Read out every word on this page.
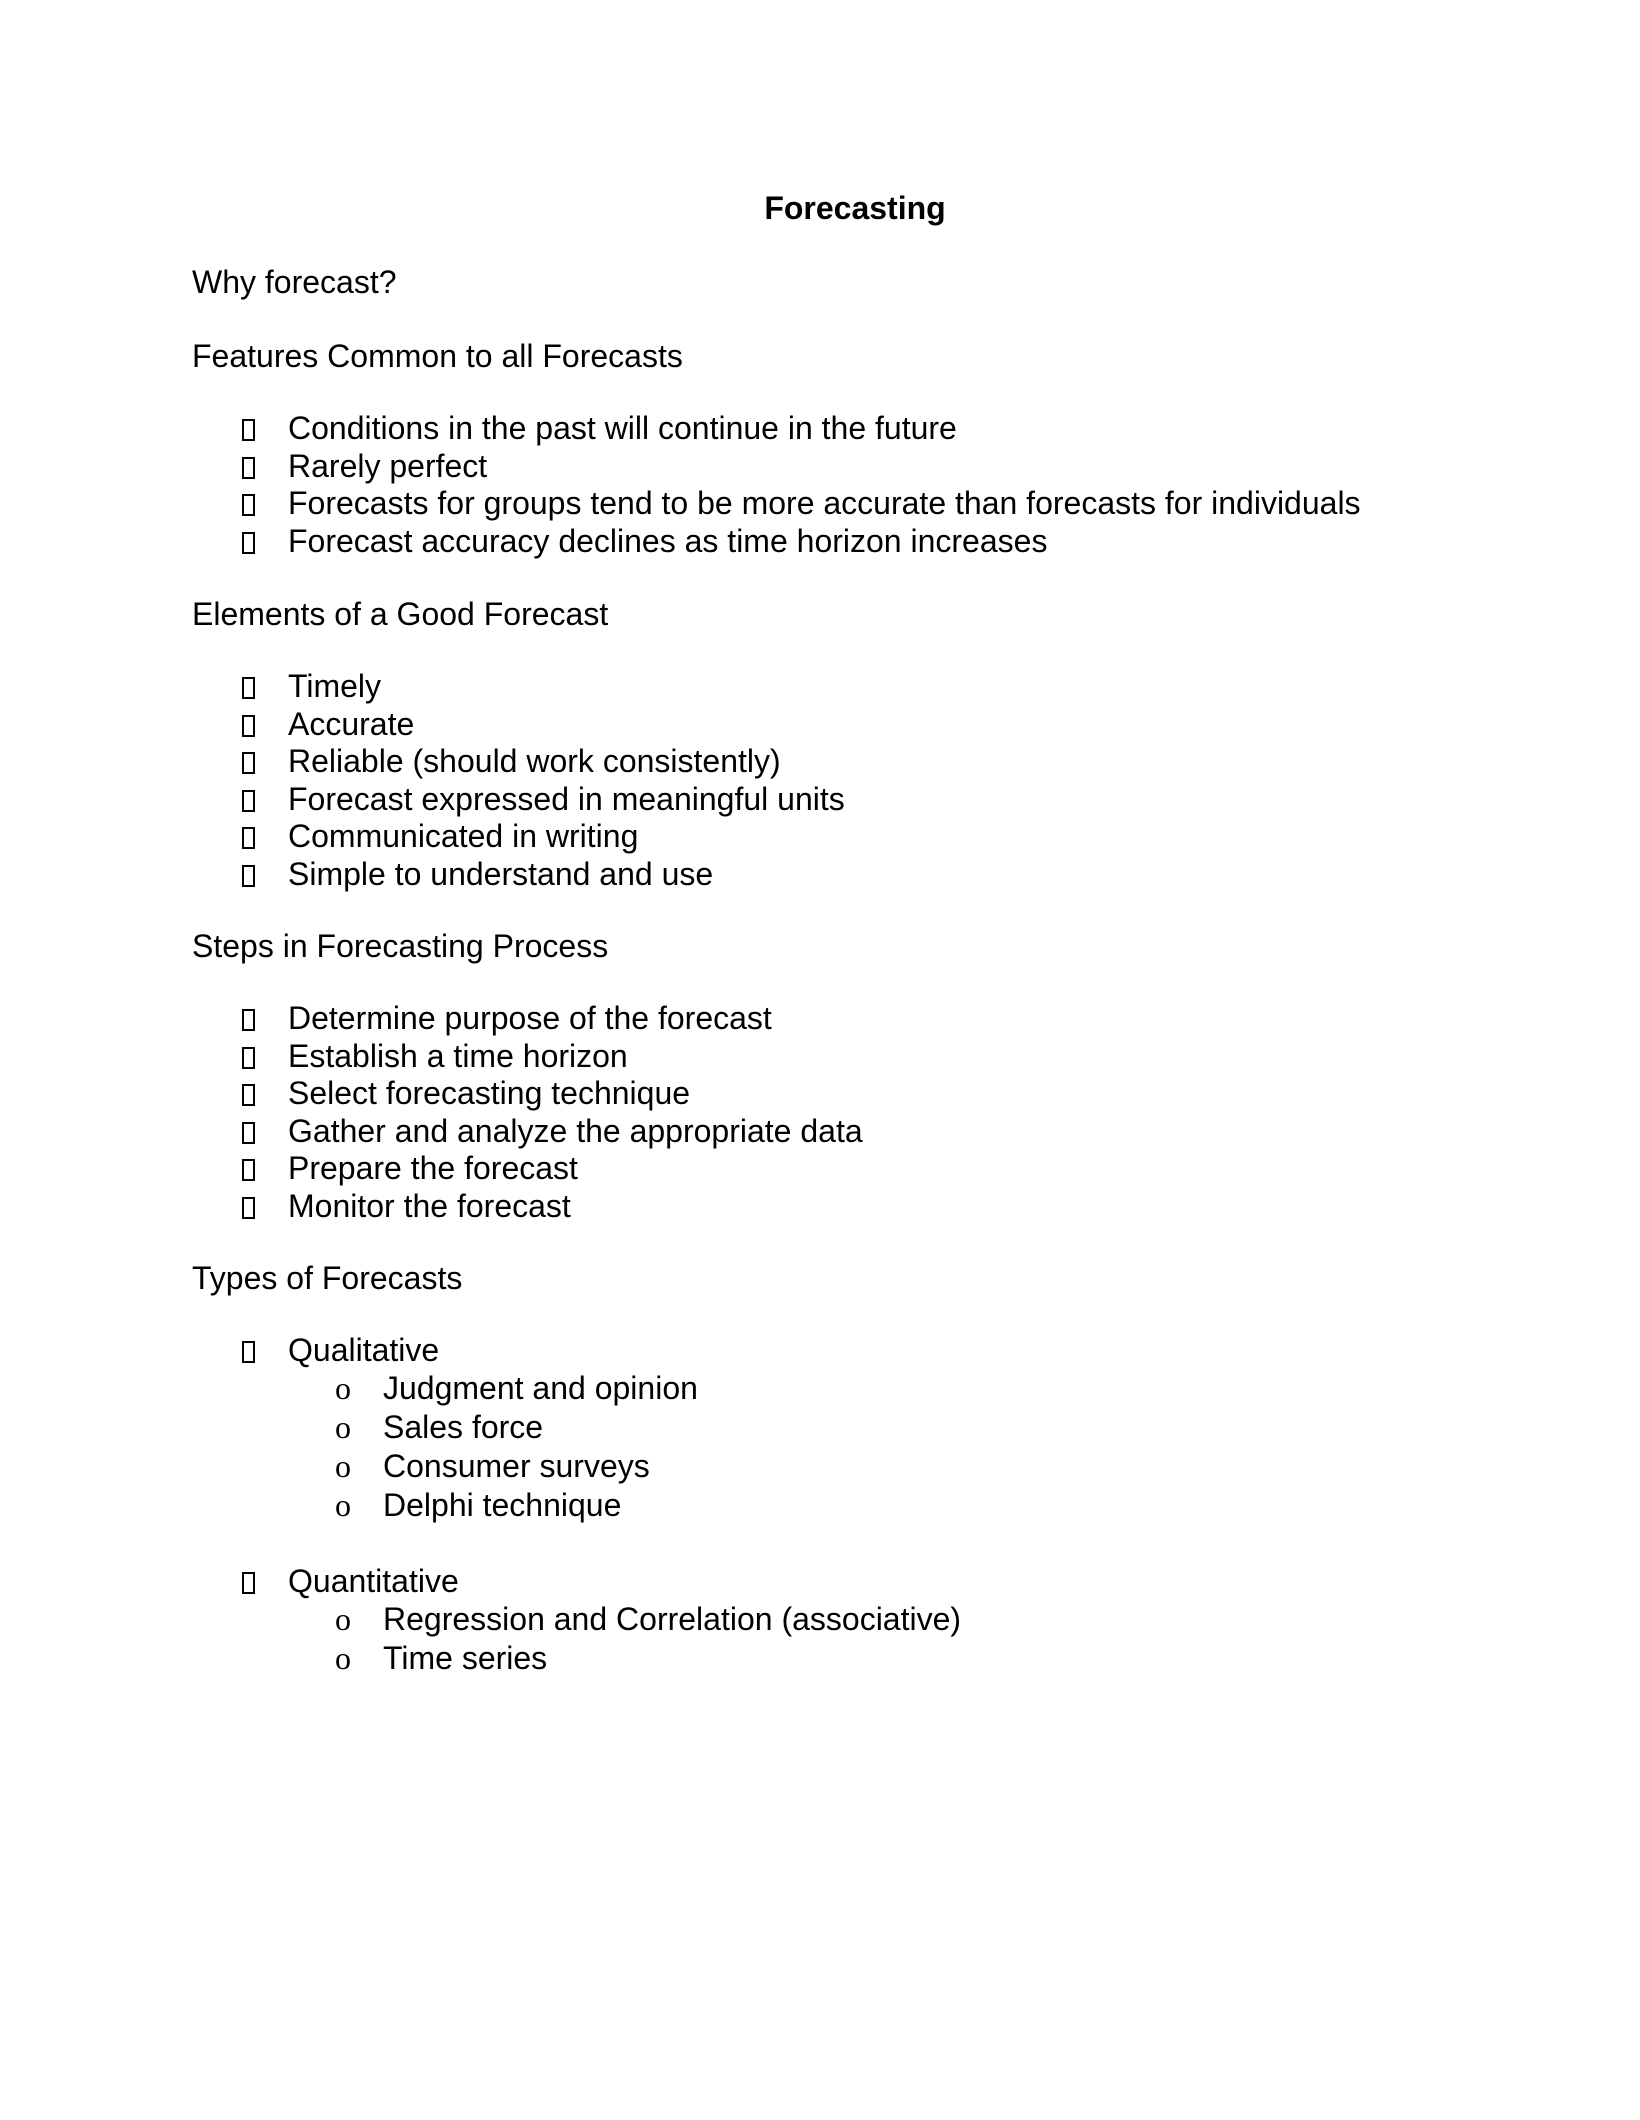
Forecasting
Why forecast?
Features Common to all Forecasts
Conditions in the past will continue in the future
Rarely perfect
Forecasts for groups tend to be more accurate than forecasts for individuals
Forecast accuracy declines as time horizon increases
Elements of a Good Forecast
Timely
Accurate
Reliable (should work consistently)
Forecast expressed in meaningful units
Communicated in writing
Simple to understand and use
Steps in Forecasting Process
Determine purpose of the forecast
Establish a time horizon
Select forecasting technique
Gather and analyze the appropriate data
Prepare the forecast
Monitor the forecast
Types of Forecasts
Qualitative
o Judgment and opinion
o Sales force
o Consumer surveys
o Delphi technique
Quantitative
o Regression and Correlation (associative)
o Time series
